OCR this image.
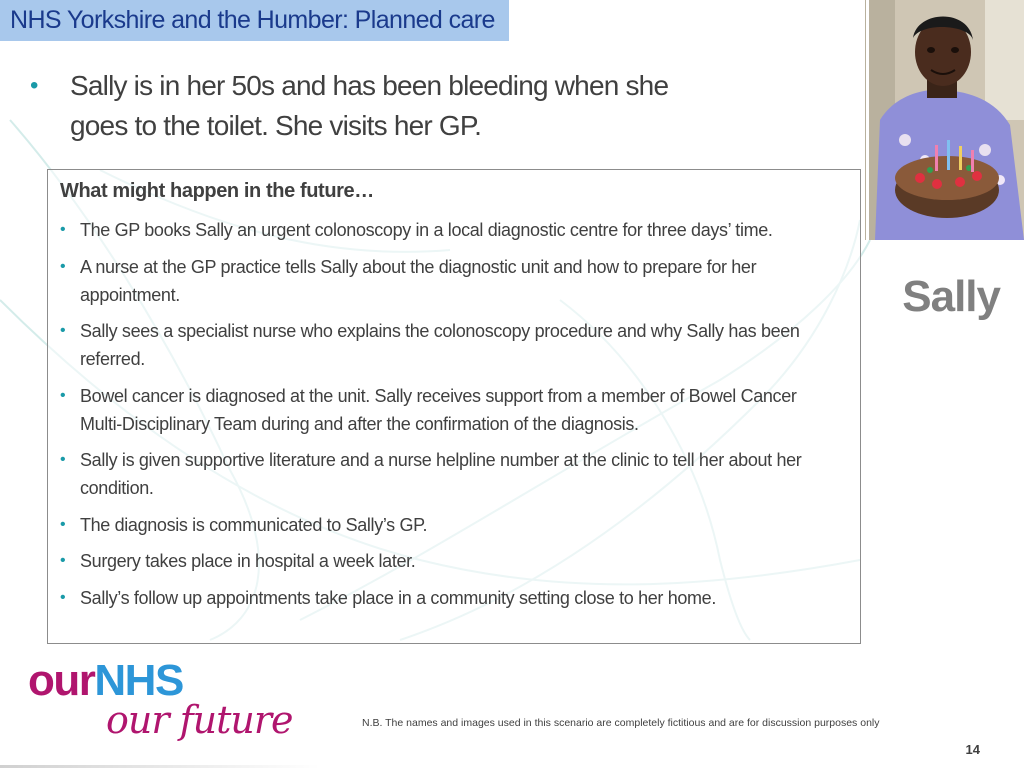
NHS Yorkshire and the Humber: Planned care
• Sally is in her 50s and has been bleeding when she goes to the toilet. She visits her GP.
What might happen in the future…
• The GP books Sally an urgent colonoscopy in a local diagnostic centre for three days’ time.
• A nurse at the GP practice tells Sally about the diagnostic unit and how to prepare for her appointment.
• Sally sees a specialist nurse who explains the colonoscopy procedure and why Sally has been referred.
• Bowel cancer is diagnosed at the unit. Sally receives support from a member of Bowel Cancer Multi-Disciplinary Team during and after the confirmation of the diagnosis.
• Sally is given supportive literature and a nurse helpline number at the clinic to tell her about her condition.
• The diagnosis is communicated to Sally’s GP.
• Surgery takes place in hospital a week later.
• Sally’s follow up appointments take place in a community setting close to her home.
Sally
ourNHS
our future	N.B. The names and images used in this scenario are completely fictitious and are for discussion purposes only
14
